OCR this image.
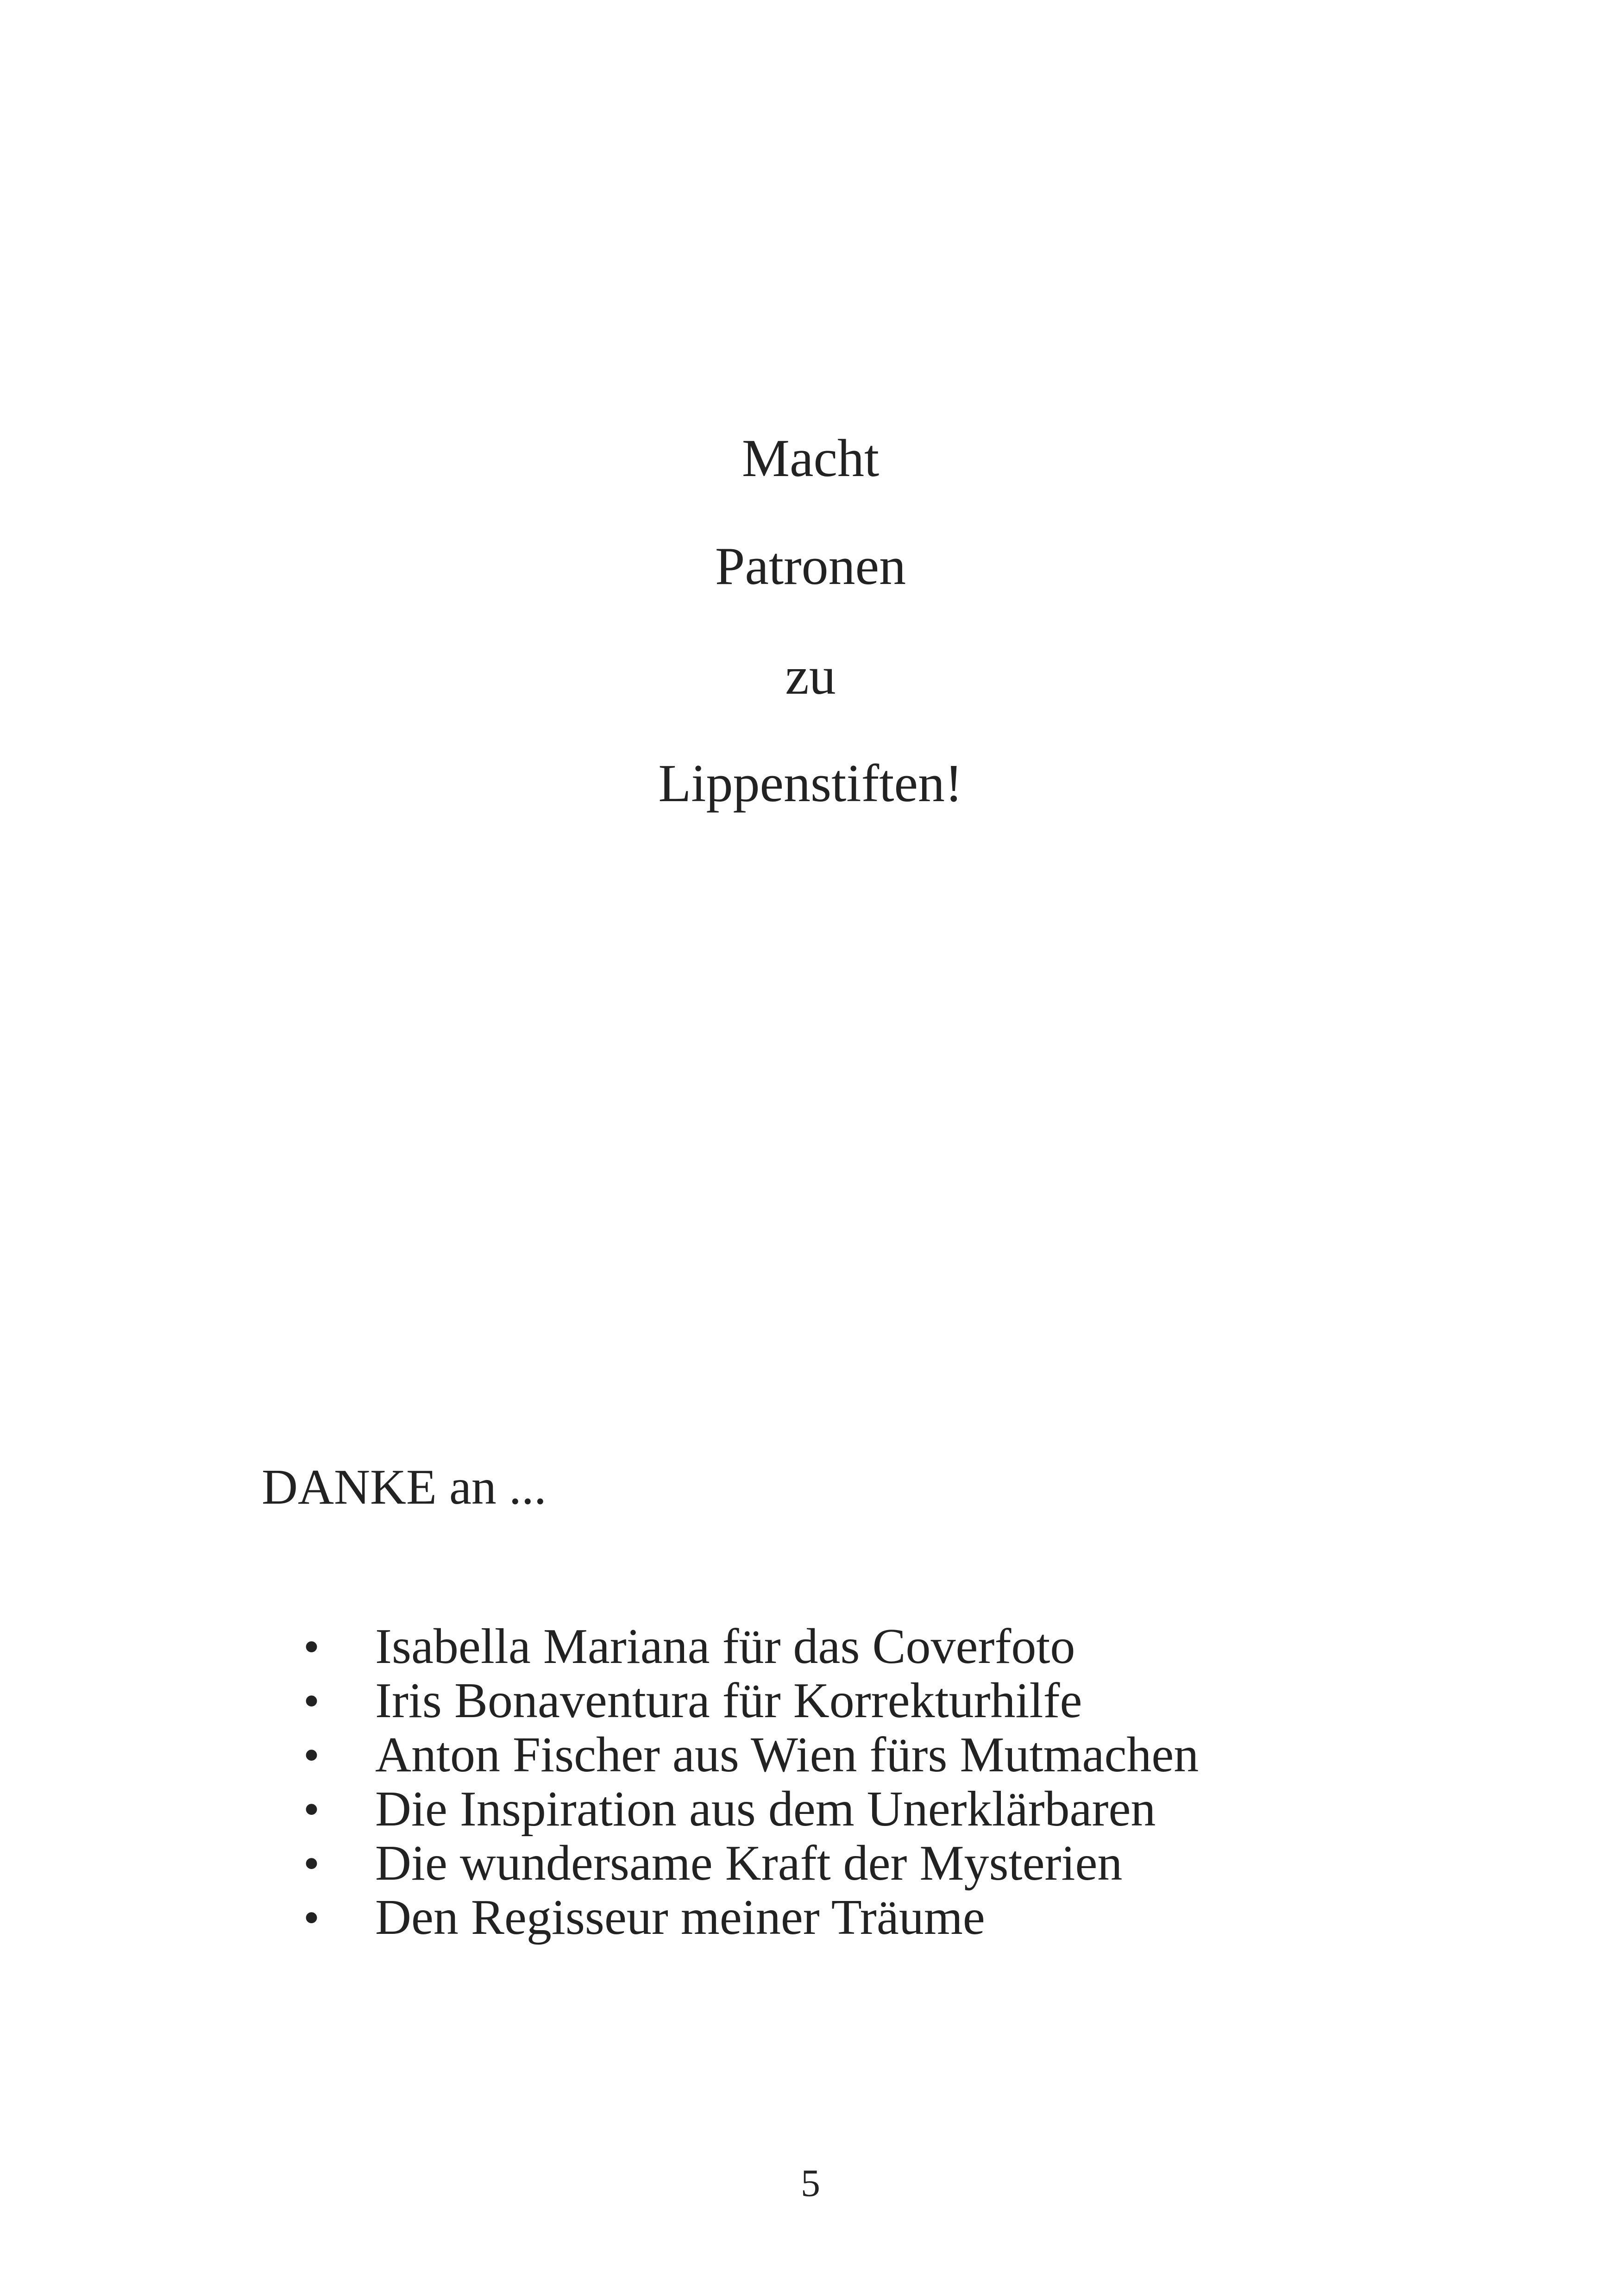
Macht
Patronen
zu
Lippenstiften!
DANKE an ...
• Isabella Mariana für das Coverfoto
• Iris Bonaventura für Korrekturhilfe
• Anton Fischer aus Wien fürs Mutmachen
• Die Inspiration aus dem Unerklärbaren
• Die wundersame Kraft der Mysterien
• Den Regisseur meiner Träume
5
